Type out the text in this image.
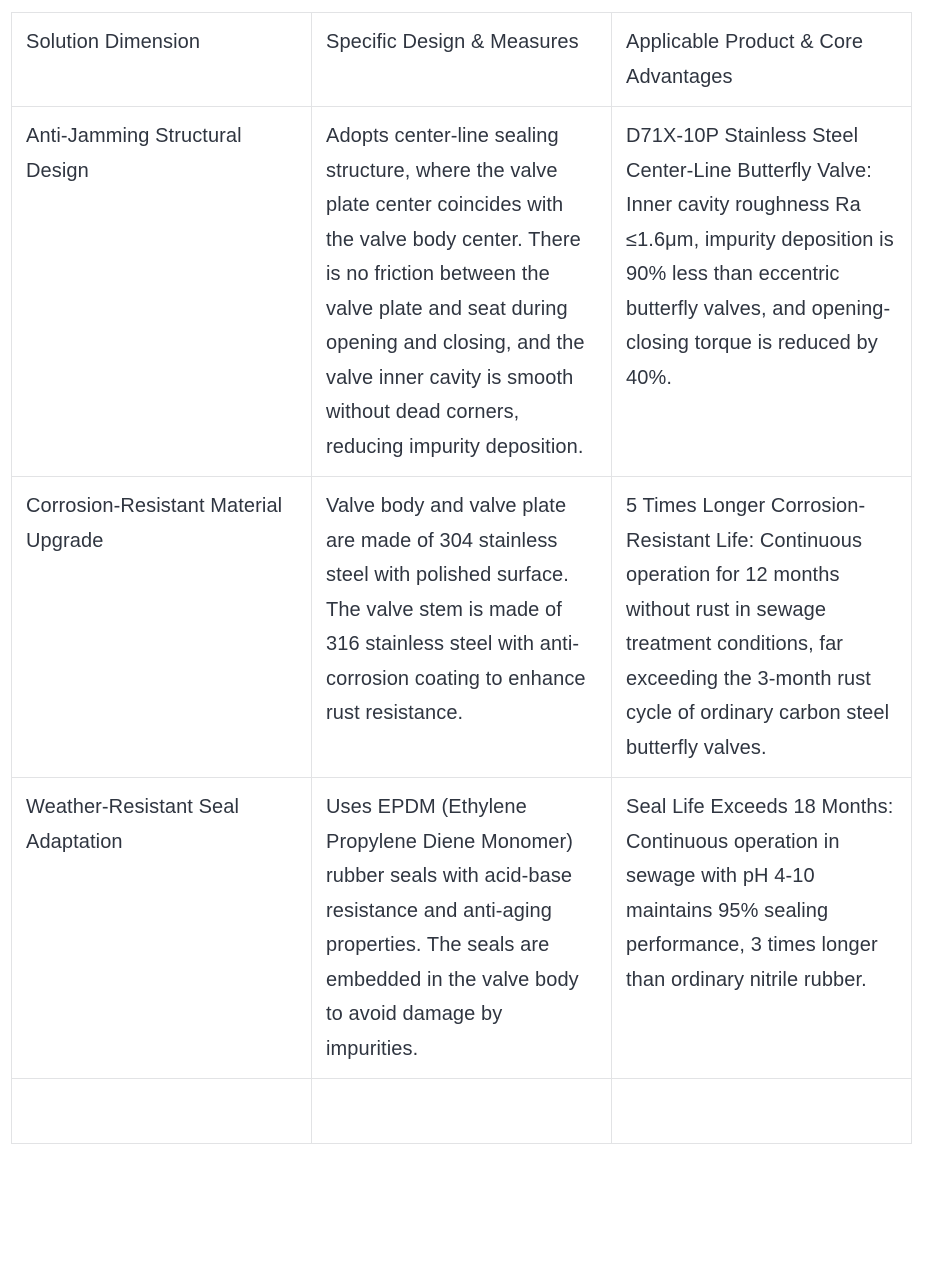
Solution Dimension	Specific Design & Measures	Applicable Product & Core Advantages
Anti-Jamming Structural Design	Adopts center-line sealing structure, where the valve plate center coincides with the valve body center. There is no friction between the valve plate and seat during opening and closing, and the valve inner cavity is smooth without dead corners, reducing impurity deposition.	D71X-10P Stainless Steel Center-Line Butterfly Valve: Inner cavity roughness Ra ≤1.6μm, impurity deposition is 90% less than eccentric butterfly valves, and opening-closing torque is reduced by 40%.
Corrosion-Resistant Material Upgrade	Valve body and valve plate are made of 304 stainless steel with polished surface. The valve stem is made of 316 stainless steel with anti-corrosion coating to enhance rust resistance.	5 Times Longer Corrosion-Resistant Life: Continuous operation for 12 months without rust in sewage treatment conditions, far exceeding the 3-month rust cycle of ordinary carbon steel butterfly valves.
Weather-Resistant Seal Adaptation	Uses EPDM (Ethylene Propylene Diene Monomer) rubber seals with acid-base resistance and anti-aging properties. The seals are embedded in the valve body to avoid damage by impurities.	Seal Life Exceeds 18 Months: Continuous operation in sewage with pH 4-10 maintains 95% sealing performance, 3 times longer than ordinary nitrile rubber.
